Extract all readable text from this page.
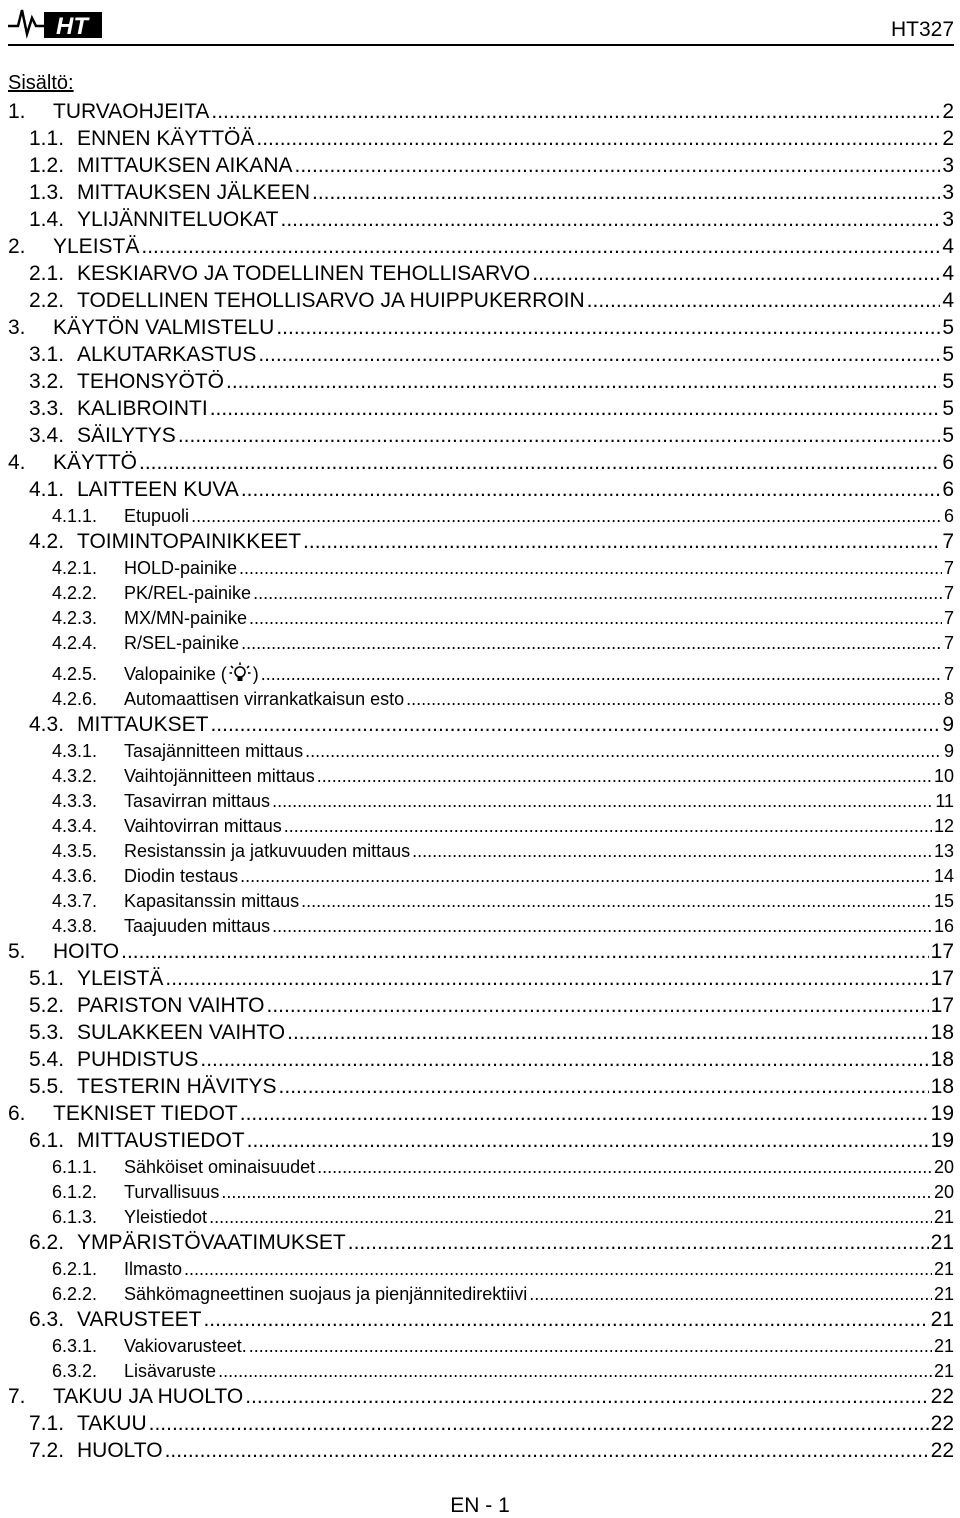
HT	HT327
Sisältö:
1.	TURVAOHJEITA .....	2
1.1. ENNEN KÄYTTÖÄ .....	2
1.2. MITTAUKSEN AIKANA .....	3
1.3. MITTAUKSEN JÄLKEEN .....	3
1.4. YLIJÄNNITELUOKAT .....	3
2.	YLEISTÄ .....	4
2.1. KESKIARVO JA TODELLINEN TEHOLLISARVO .....	4
2.2. TODELLINEN TEHOLLISARVO JA HUIPPUKERROIN .....	4
3.	KÄYTÖN VALMISTELU .....	5
3.1. ALKUTARKASTUS .....	5
3.2. TEHONSYÖTÖ .....	5
3.3. KALIBROINTI .....	5
3.4. SÄILYTYS .....	5
4.	KÄYTTÖ .....	6
4.1. LAITTEEN KUVA .....	6
4.1.1.	Etupuoli .....	6
4.2. TOIMINTOPAINIKKEET .....	7
4.2.1.	HOLD-painike .....	7
4.2.2.	PK/REL-painike .....	7
4.2.3.	MX/MN-painike .....	7
4.2.4.	R/SEL-painike .....	7
4.2.5.	Valopainike ( ) .....	7
4.2.6.	Automaattisen virrankatkaisun esto .....	8
4.3. MITTAUKSET .....	9
4.3.1.	Tasajännitteen mittaus .....	9
4.3.2.	Vaihtojännitteen mittaus .....	10
4.3.3.	Tasavirran mittaus .....	11
4.3.4.	Vaihtovirran mittaus .....	12
4.3.5.	Resistanssin ja jatkuvuuden mittaus .....	13
4.3.6.	Diodin testaus .....	14
4.3.7.	Kapasitanssin mittaus .....	15
4.3.8.	Taajuuden mittaus .....	16
5.	HOITO .....	17
5.1. YLEISTÄ .....	17
5.2. PARISTON VAIHTO .....	17
5.3. SULAKKEEN VAIHTO .....	18
5.4. PUHDISTUS .....	18
5.5. TESTERIN HÄVITYS .....	18
6.	TEKNISET TIEDOT .....	19
6.1. MITTAUSTIEDOT .....	19
6.1.1.	Sähköiset ominaisuudet .....	20
6.1.2.	Turvallisuus .....	20
6.1.3.	Yleistiedot .....	21
6.2. YMPÄRISTÖVAATIMUKSET .....	21
6.2.1.	Ilmasto .....	21
6.2.2.	Sähkömagneettinen suojaus ja pienjännitedirektiivi .....	21
6.3. VARUSTEET .....	21
6.3.1.	Vakiovarusteet. .....	21
6.3.2.	Lisävaruste .....	21
7.	TAKUU JA HUOLTO .....	22
7.1. TAKUU .....	22
7.2. HUOLTO .....	22
EN - 1
